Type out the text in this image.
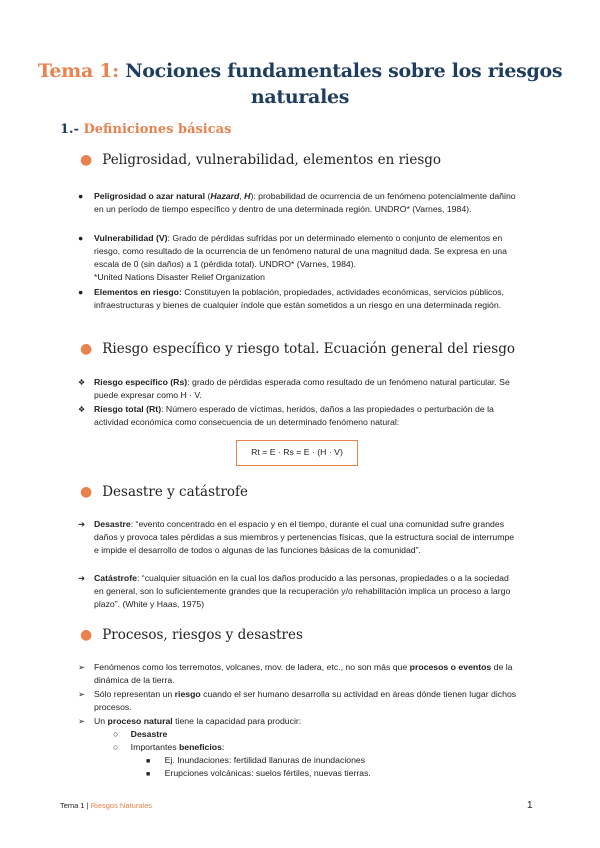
Tema 1: Nociones fundamentales sobre los riesgos naturales
1.- Definiciones básicas
● Peligrosidad, vulnerabilidad, elementos en riesgo
●	Peligrosidad o azar natural (Hazard, H): probabilidad de ocurrencia de un fenómeno potencialmente dañino en un período de tiempo específico y dentro de una determinada región. UNDRO* (Varnes, 1984).
●	Vulnerabilidad (V): Grado de pérdidas sufridas por un determinado elemento o conjunto de elementos en riesgo, como resultado de la ocurrencia de un fenómeno natural de una magnitud dada. Se expresa en una escala de 0 (sin daños) a 1 (pérdida total). UNDRO* (Varnes, 1984).
*United Nations Disaster Relief Organization
●	Elementos en riesgo: Constituyen la población, propiedades, actividades económicas, servicios públicos, infraestructuras y bienes de cualquier índole que están sometidos a un riesgo en una determinada región.
● Riesgo específico y riesgo total. Ecuación general del riesgo
❖	Riesgo específico (Rs): grado de pérdidas esperada como resultado de un fenómeno natural particular. Se puede expresar como H · V.
❖	Riesgo total (Rt): Número esperado de víctimas, heridos, daños a las propiedades o perturbación de la actividad económica como consecuencia de un determinado fenómeno natural:
Rt = E · Rs = E · (H · V)
● Desastre y catástrofe
➔	Desastre: “evento concentrado en el espacio y en el tiempo, durante el cual una comunidad sufre grandes daños y provoca tales pérdidas a sus miembros y pertenencias físicas, que la estructura social de interrumpe e impide el desarrollo de todos o algunas de las funciones básicas de la comunidad”.
➔	Catástrofe: “cualquier situación en la cual los daños producido a las personas, propiedades o a la sociedad en general, son lo suficientemente grandes que la recuperación y/o rehabilitación implica un proceso a largo plazo”. (White y Haas, 1975)
● Procesos, riesgos y desastres
➢	Fenómenos como los terremotos, volcanes, mov. de ladera, etc., no son más que procesos o eventos de la dinámica de la tierra.
➢	Sólo representan un riesgo cuando el ser humano desarrolla su actividad en áreas dónde tienen lugar dichos procesos.
➢	Un proceso natural tiene la capacidad para producir:
○ Desastre
○ Importantes beneficios:
■ Ej. Inundaciones: fertilidad llanuras de inundaciones
■ Erupciones volcánicas: suelos fértiles, nuevas tierras.
Tema 1 | Riesgos Naturales	1
